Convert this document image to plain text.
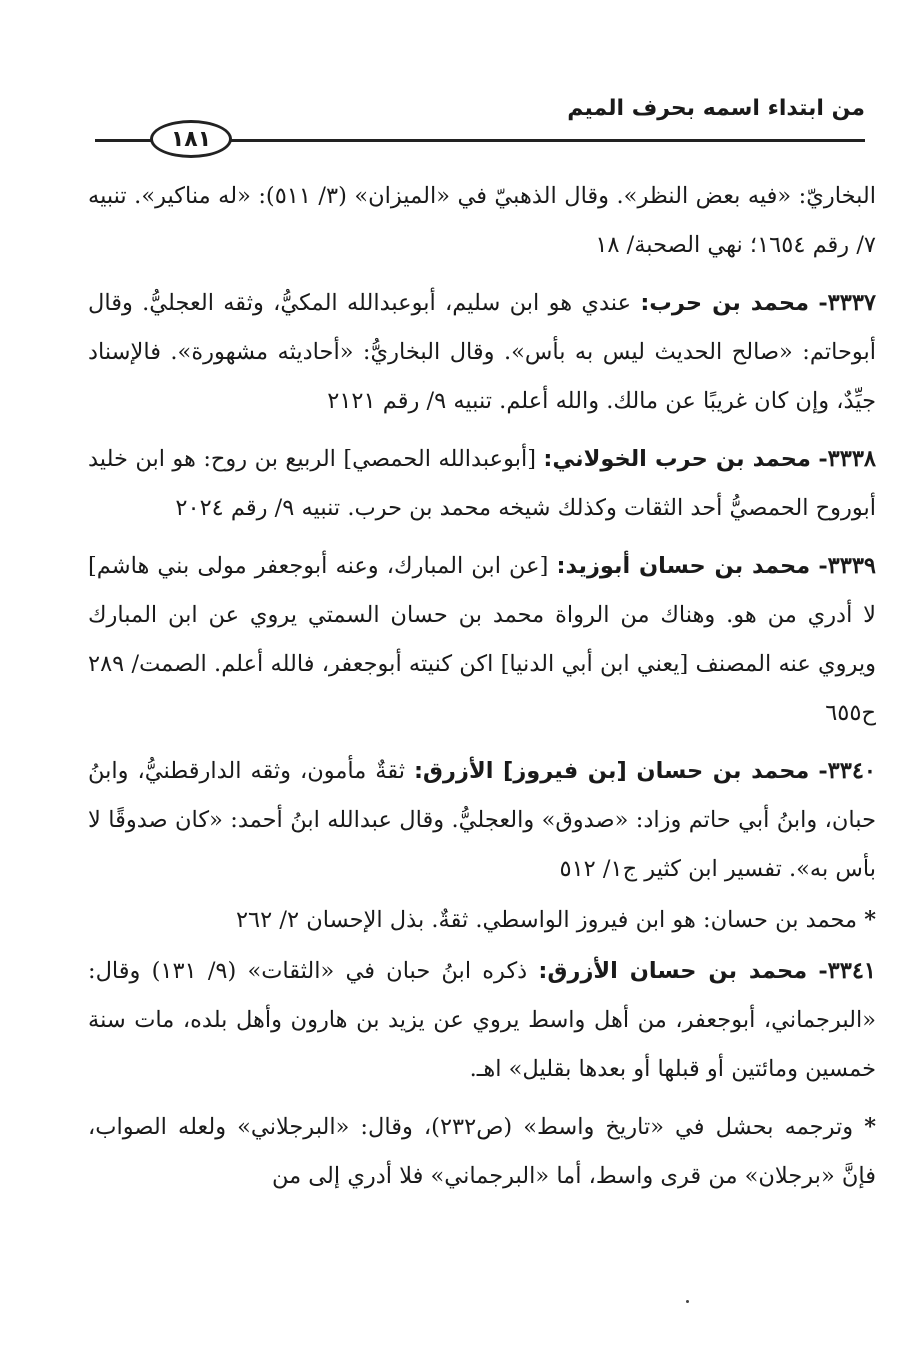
من ابتداء اسمه بحرف الميم
١٨١

البخاريّ: «فيه بعض النظر». وقال الذهبيّ في «الميزان» (٣/ ٥١١): «له مناكير». تنبيه ٧/ رقم ١٦٥٤؛ نهي الصحبة/ ١٨

٣٣٣٧- محمد بن حرب: عندي هو ابن سليم، أبوعبدالله المكيُّ، وثقه العجليُّ. وقال أبوحاتم: «صالح الحديث ليس به بأس». وقال البخاريُّ: «أحاديثه مشهورة». فالإسناد جيِّدٌ، وإن كان غريبًا عن مالك. والله أعلم. تنبيه ٩/ رقم ٢١٢١

٣٣٣٨- محمد بن حرب الخولاني: [أبوعبدالله الحمصي] الربيع بن روح: هو ابن خليد أبوروح الحمصيُّ أحد الثقات وكذلك شيخه محمد بن حرب. تنبيه ٩/ رقم ٢٠٢٤

٣٣٣٩- محمد بن حسان أبوزيد: [عن ابن المبارك، وعنه أبوجعفر مولى بني هاشم] لا أدري من هو. وهناك من الرواة محمد بن حسان السمتي يروي عن ابن المبارك ويروي عنه المصنف [يعني ابن أبي الدنيا] اكن كنيته أبوجعفر، فالله أعلم. الصمت/ ٢٨٩ ح٦٥٥

٣٣٤٠- محمد بن حسان [بن فيروز] الأزرق: ثقةٌ مأمون، وثقه الدارقطنيُّ، وابنُ حبان، وابنُ أبي حاتم وزاد: «صدوق» والعجليُّ. وقال عبدالله ابنُ أحمد: «كان صدوقًا لا بأس به». تفسير ابن كثير ج١/ ٥١٢

* محمد بن حسان: هو ابن فيروز الواسطي. ثقةٌ. بذل الإحسان ٢/ ٢٦٢

٣٣٤١- محمد بن حسان الأزرق: ذكره ابنُ حبان في «الثقات» (٩/ ١٣١) وقال: «البرجماني، أبوجعفر، من أهل واسط يروي عن يزيد بن هارون وأهل بلده، مات سنة خمسين ومائتين أو قبلها أو بعدها بقليل» اهـ.

* وترجمه بحشل في «تاريخ واسط» (ص٢٣٢)، وقال: «البرجلاني» ولعله الصواب، فإنَّ «برجلان» من قرى واسط، أما «البرجماني» فلا أدري إلى من
